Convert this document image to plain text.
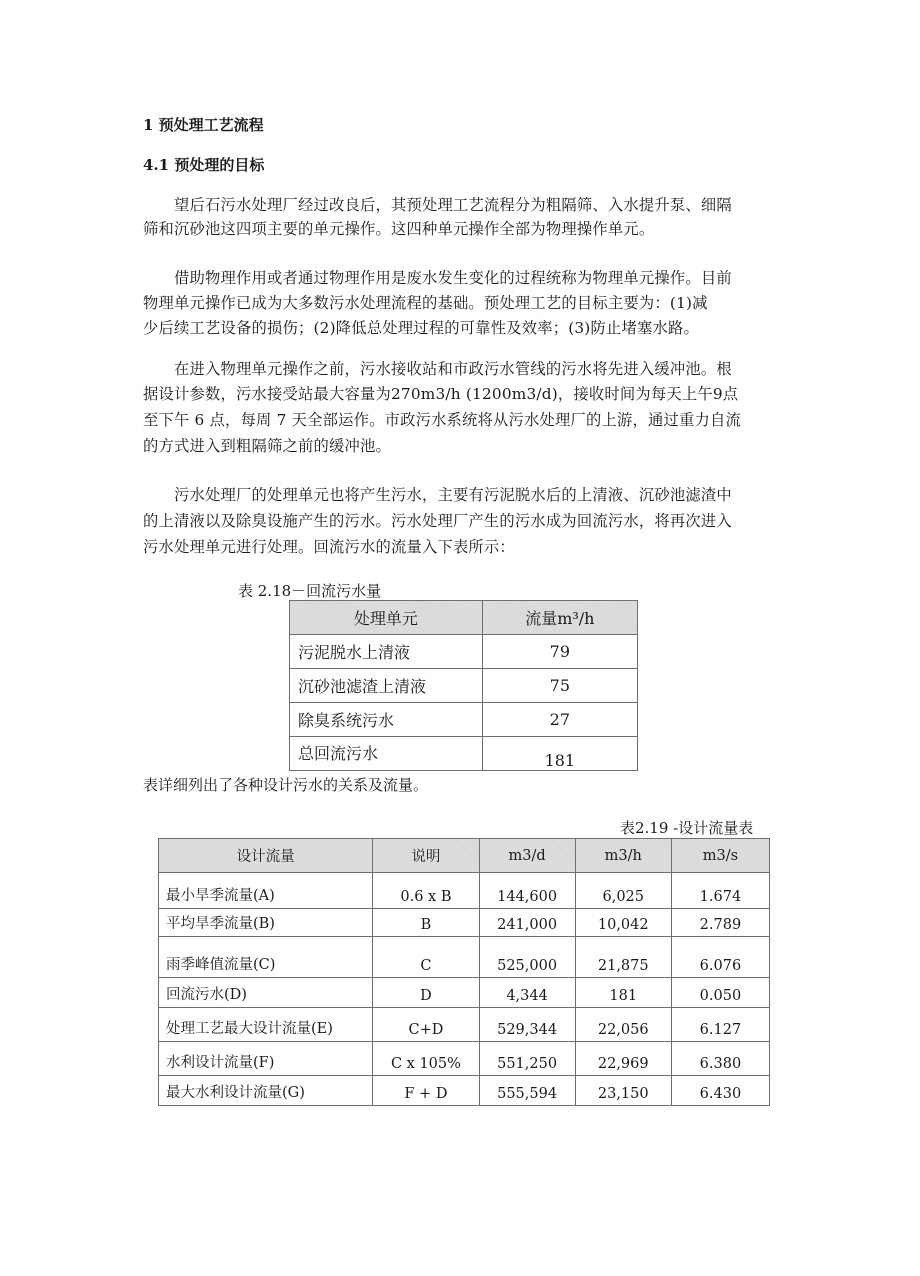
1 预处理工艺流程
4.1 预处理的目标
望后石污水处理厂经过改良后，其预处理工艺流程分为粗隔筛、入水提升泵、细隔
筛和沉砂池这四项主要的单元操作。这四种单元操作全部为物理操作单元。
借助物理作用或者通过物理作用是废水发生变化的过程统称为物理单元操作。目前
物理单元操作已成为大多数污水处理流程的基础。预处理工艺的目标主要为：(1)减
少后续工艺设备的损伤；(2)降低总处理过程的可靠性及效率；(3)防止堵塞水路。
在进入物理单元操作之前，污水接收站和市政污水管线的污水将先进入缓冲池。根
据设计参数，污水接受站最大容量为270m3/h (1200m3/d)，接收时间为每天上午9点
至下午 6 点，每周 7 天全部运作。市政污水系统将从污水处理厂的上游，通过重力自流
的方式进入到粗隔筛之前的缓冲池。
污水处理厂的处理单元也将产生污水，主要有污泥脱水后的上清液、沉砂池滤渣中
的上清液以及除臭设施产生的污水。污水处理厂产生的污水成为回流污水，将再次进入
污水处理单元进行处理。回流污水的流量入下表所示：
表 2.18－回流污水量
处理单元	流量m³/h
污泥脱水上清液	79
沉砂池滤渣上清液	75
除臭系统污水	27
总回流污水	181
表详细列出了各种设计污水的关系及流量。
表2.19 -设计流量表
设计流量	说明	m3/d	m3/h	m3/s
最小旱季流量(A)	0.6 x B	144,600	6,025	1.674
平均旱季流量(B)	B	241,000	10,042	2.789
雨季峰值流量(C)	C	525,000	21,875	6.076
回流污水(D)	D	4,344	181	0.050
处理工艺最大设计流量(E)	C+D	529,344	22,056	6.127
水利设计流量(F)	C x 105%	551,250	22,969	6.380
最大水利设计流量(G)	F + D	555,594	23,150	6.430
